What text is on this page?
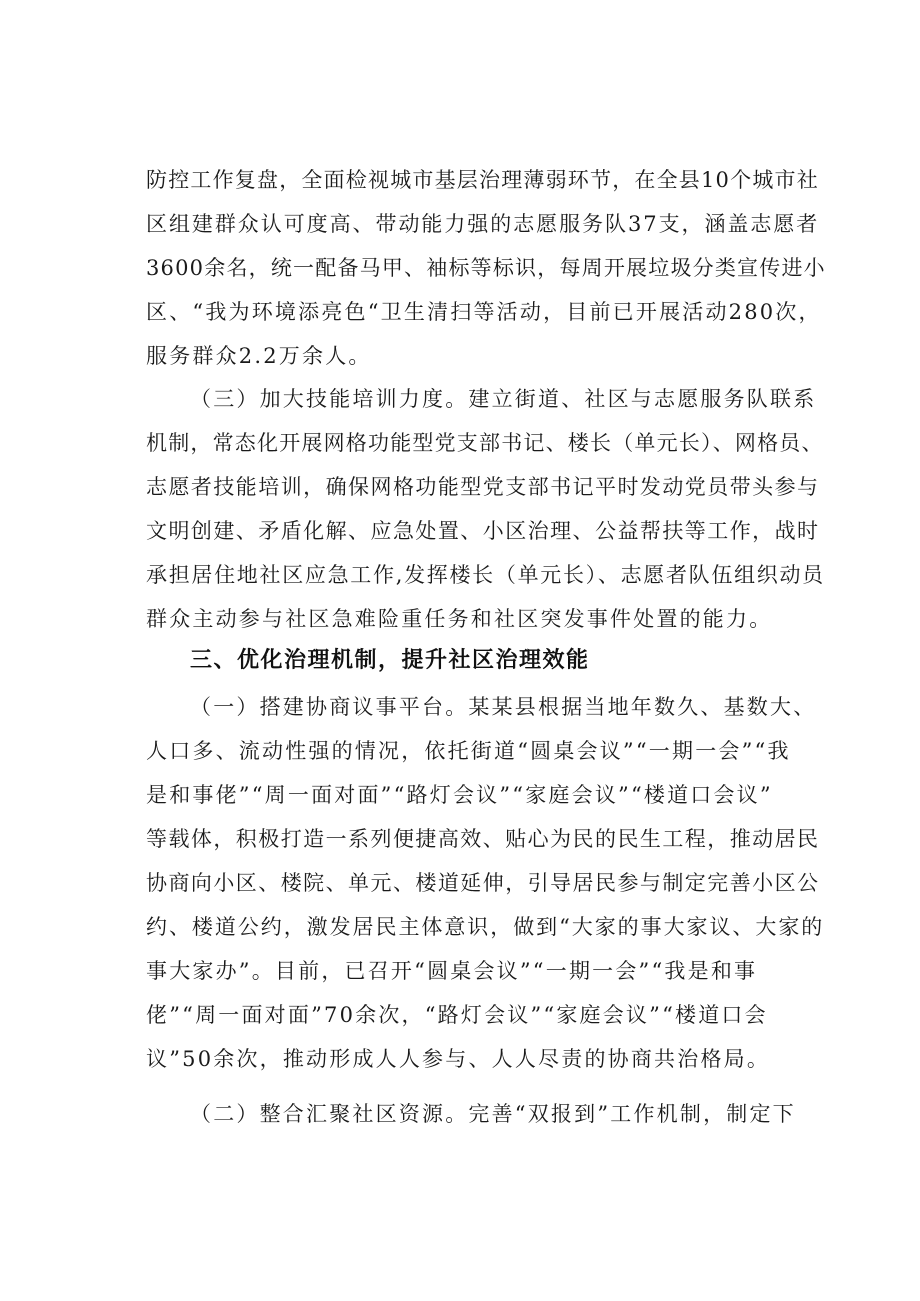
防控工作复盘，全面检视城市基层治理薄弱环节，在全县10个城市社
区组建群众认可度高、带动能力强的志愿服务队37支，涵盖志愿者
3600余名，统一配备马甲、袖标等标识，每周开展垃圾分类宣传进小
区、“我为环境添亮色“卫生清扫等活动，目前已开展活动280次，
服务群众2.2万余人。
（三）加大技能培训力度。建立街道、社区与志愿服务队联系
机制，常态化开展网格功能型党支部书记、楼长（单元长）、网格员、
志愿者技能培训，确保网格功能型党支部书记平时发动党员带头参与
文明创建、矛盾化解、应急处置、小区治理、公益帮扶等工作，战时
承担居住地社区应急工作,发挥楼长（单元长）、志愿者队伍组织动员
群众主动参与社区急难险重任务和社区突发事件处置的能力。
三、优化治理机制，提升社区治理效能
（一）搭建协商议事平台。某某县根据当地年数久、基数大、
人口多、流动性强的情况，依托街道“圆桌会议”“一期一会”“我
是和事佬”“周一面对面”“路灯会议”“家庭会议”“楼道口会议”
等载体，积极打造一系列便捷高效、贴心为民的民生工程，推动居民
协商向小区、楼院、单元、楼道延伸，引导居民参与制定完善小区公
约、楼道公约，激发居民主体意识，做到“大家的事大家议、大家的
事大家办”。目前，已召开“圆桌会议”“一期一会”“我是和事
佬”“周一面对面”70余次，“路灯会议”“家庭会议”“楼道口会
议”50余次，推动形成人人参与、人人尽责的协商共治格局。
（二）整合汇聚社区资源。完善“双报到”工作机制，制定下
